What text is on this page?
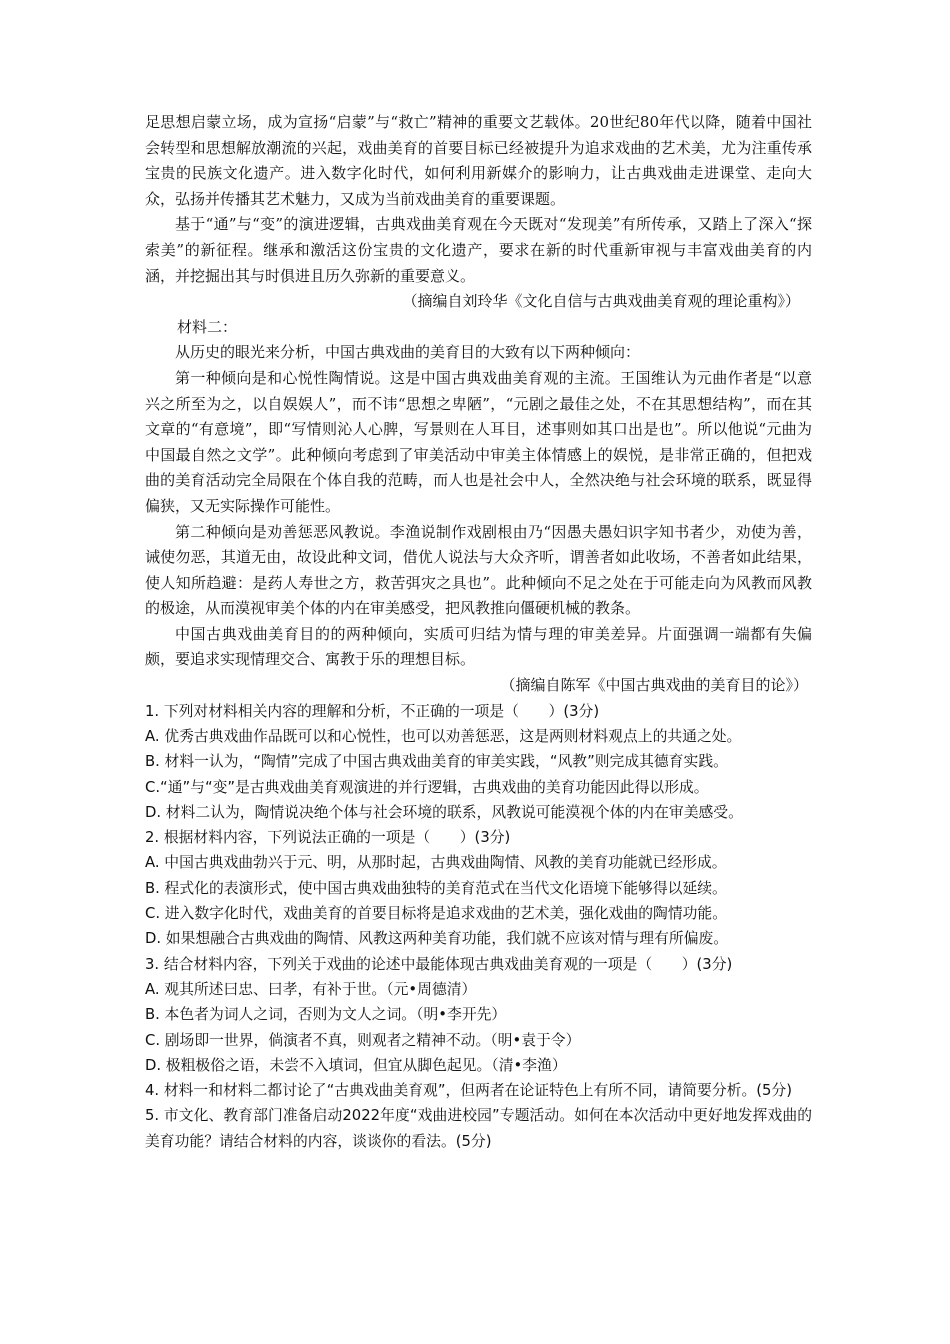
足思想启蒙立场，成为宣扬“启蒙”与“救亡”精神的重要文艺载体。20世纪80年代以降，随着中国社会转型和思想解放潮流的兴起，戏曲美育的首要目标已经被提升为追求戏曲的艺术美，尤为注重传承宝贵的民族文化遗产。进入数字化时代，如何利用新媒介的影响力，让古典戏曲走进课堂、走向大众，弘扬并传播其艺术魅力，又成为当前戏曲美育的重要课题。

基于“通”与“变”的演进逻辑，古典戏曲美育观在今天既对“发现美”有所传承，又踏上了深入“探索美”的新征程。继承和激活这份宝贵的文化遗产，要求在新的时代重新审视与丰富戏曲美育的内涵，并挖掘出其与时俱进且历久弥新的重要意义。

（摘编自刘玲华《文化自信与古典戏曲美育观的理论重构》）

材料二：

从历史的眼光来分析，中国古典戏曲的美育目的大致有以下两种倾向：

第一种倾向是和心悦性陶情说。这是中国古典戏曲美育观的主流。王国维认为元曲作者是“以意兴之所至为之，以自娱娱人”，而不讳“思想之卑陋”，“元剧之最佳之处，不在其思想结构”，而在其文章的“有意境”，即“写情则沁人心脾，写景则在人耳目，述事则如其口出是也”。所以他说“元曲为中国最自然之文学”。此种倾向考虑到了审美活动中审美主体情感上的娱悦，是非常正确的，但把戏曲的美育活动完全局限在个体自我的范畴，而人也是社会中人，全然决绝与社会环境的联系，既显得偏狭，又无实际操作可能性。

第二种倾向是劝善惩恶风教说。李渔说制作戏剧根由乃“因愚夫愚妇识字知书者少，劝使为善，诫使勿恶，其道无由，故设此种文词，借优人说法与大众齐听，谓善者如此收场，不善者如此结果，使人知所趋避：是药人寿世之方，救苦弭灾之具也”。此种倾向不足之处在于可能走向为风教而风教的极途，从而漠视审美个体的内在审美感受，把风教推向僵硬机械的教条。

中国古典戏曲美育目的的两种倾向，实质可归结为情与理的审美差异。片面强调一端都有失偏颇，要追求实现情理交合、寓教于乐的理想目标。

（摘编自陈军《中国古典戏曲的美育目的论》）

1. 下列对材料相关内容的理解和分析，不正确的一项是（　　）(3分)

A. 优秀古典戏曲作品既可以和心悦性，也可以劝善惩恶，这是两则材料观点上的共通之处。

B. 材料一认为，“陶情”完成了中国古典戏曲美育的审美实践，“风教”则完成其德育实践。

C.“通”与“变”是古典戏曲美育观演进的并行逻辑，古典戏曲的美育功能因此得以形成。

D. 材料二认为，陶情说决绝个体与社会环境的联系，风教说可能漠视个体的内在审美感受。

2. 根据材料内容，下列说法正确的一项是（　　）(3分)

A. 中国古典戏曲勃兴于元、明，从那时起，古典戏曲陶情、风教的美育功能就已经形成。

B. 程式化的表演形式，使中国古典戏曲独特的美育范式在当代文化语境下能够得以延续。

C. 进入数字化时代，戏曲美育的首要目标将是追求戏曲的艺术美，强化戏曲的陶情功能。

D. 如果想融合古典戏曲的陶情、风教这两种美育功能，我们就不应该对情与理有所偏废。

3. 结合材料内容，下列关于戏曲的论述中最能体现古典戏曲美育观的一项是（　　）(3分)

A. 观其所述曰忠、曰孝，有补于世。（元•周德清）

B. 本色者为词人之词，否则为文人之词。（明•李开先）

C. 剧场即一世界，倘演者不真，则观者之精神不动。（明•袁于令）

D. 极粗极俗之语，未尝不入填词，但宜从脚色起见。（清•李渔）

4. 材料一和材料二都讨论了“古典戏曲美育观”，但两者在论证特色上有所不同，请简要分析。(5分)

5. 市文化、教育部门准备启动2022年度“戏曲进校园”专题活动。如何在本次活动中更好地发挥戏曲的美育功能？请结合材料的内容，谈谈你的看法。(5分)
